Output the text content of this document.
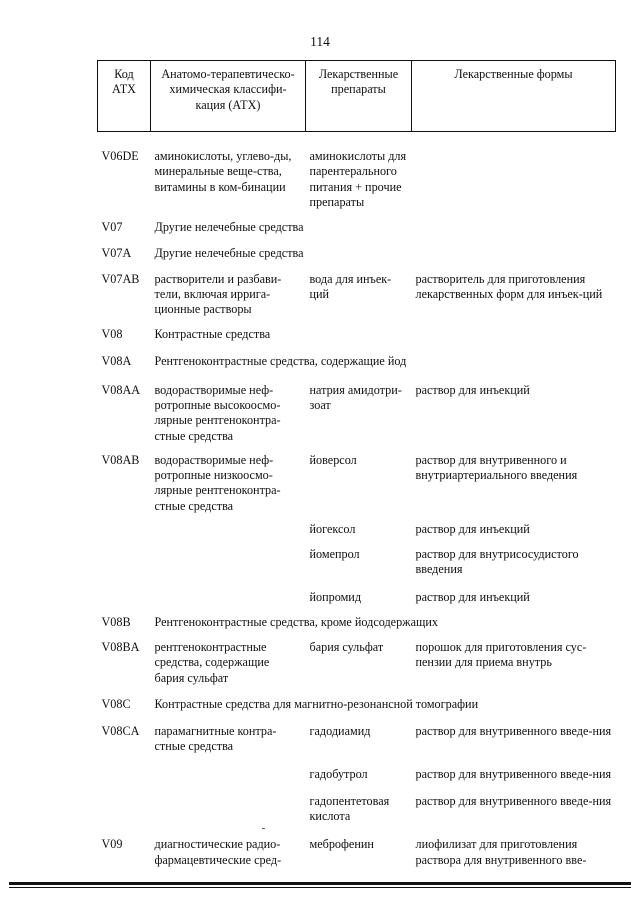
114
Код АТХ	Анатомо-терапевтическо-химическая классифи-кация (АТХ)	Лекарственные препараты	Лекарственные формы
V06DE	аминокислоты, углево-ды, минеральные веще-ства, витамины в ком-бинации	аминокислоты для парентерального питания + прочие препараты	
V07	Другие нелечебные средства		
V07A	Другие нелечебные средства		
V07AB	растворители и разбави-тели, включая ирригa-ционные растворы	вода для инъек-ций	растворитель для приготовления лекарственных форм для инъек-ций
V08	Контрастные средства		
V08A	Рентгеноконтрастные средства, содержащие йод		
V08AA	водорастворимые неф-ротропные высокоосмо-лярные рентгеноконтра-стные средства	натрия амидотри-зоат	раствор для инъекций
V08AB	водорастворимые неф-ротропные низкоосмо-лярные рентгеноконтра-стные средства	йоверсол	раствор для внутривенного и внутриартериального введения
		йогексол	раствор для инъекций
		йомепрол	раствор для внутрисосудистого введения
		йопромид	раствор для инъекций
V08B	Рентгеноконтрастные средства, кроме йодсодержащих		
V08BA	рентгеноконтрастные средства, содержащие бария сульфат	бария сульфат	порошок для приготовления сус-пензии для приема внутрь
V08C	Контрастные средства для магнитно-резонансной томографии		
V08CA	парамагнитные контра-стные средства	гадодиамид	раствор для внутривенного введе-ния
		гадобутрол	раствор для внутривенного введе-ния
		гадопентетовая кислота	раствор для внутривенного введе-ния
V09	диагностические радио-фармацевтические сред-	меброфенин	лиофилизат для приготовления раствора для внутривенного вве-
